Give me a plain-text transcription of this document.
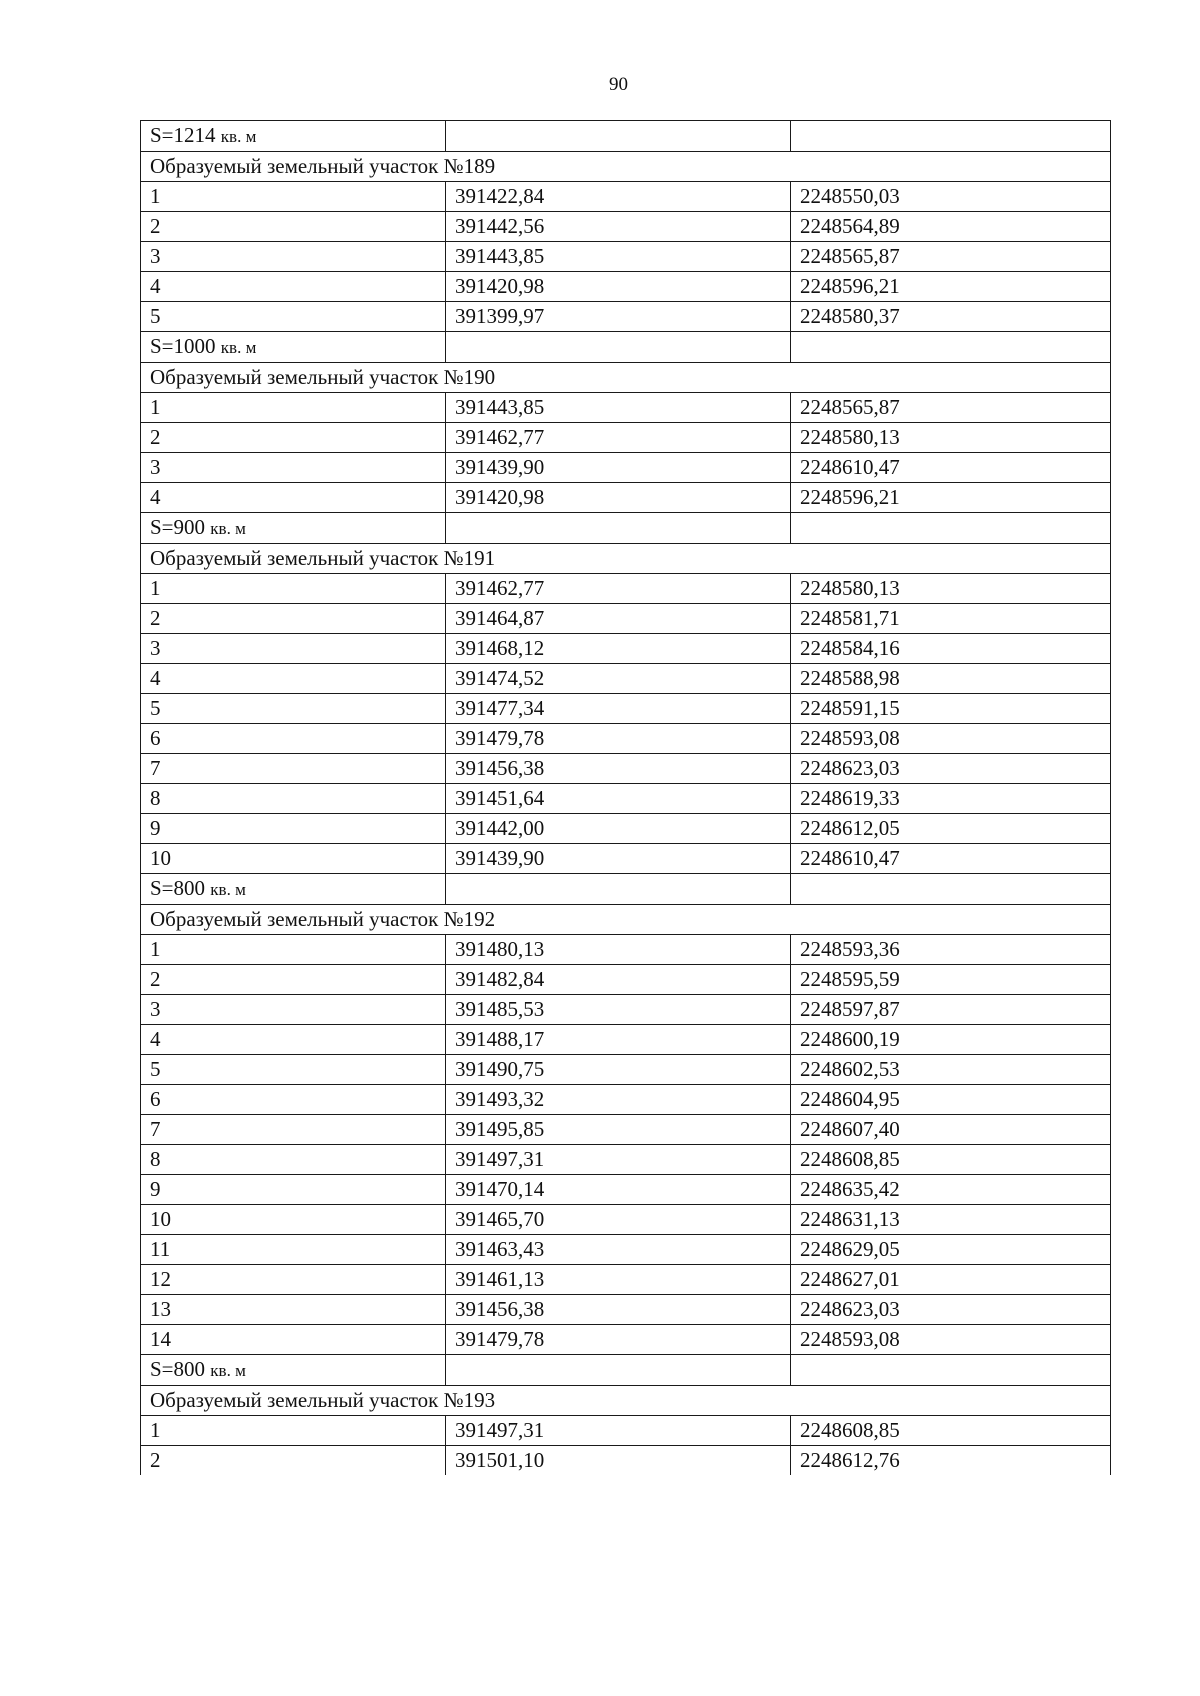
90
S=1214 кв. м		
Образуемый земельный участок №189		
1	391422,84	2248550,03
2	391442,56	2248564,89
3	391443,85	2248565,87
4	391420,98	2248596,21
5	391399,97	2248580,37
S=1000 кв. м		
Образуемый земельный участок №190		
1	391443,85	2248565,87
2	391462,77	2248580,13
3	391439,90	2248610,47
4	391420,98	2248596,21
S=900 кв. м		
Образуемый земельный участок №191		
1	391462,77	2248580,13
2	391464,87	2248581,71
3	391468,12	2248584,16
4	391474,52	2248588,98
5	391477,34	2248591,15
6	391479,78	2248593,08
7	391456,38	2248623,03
8	391451,64	2248619,33
9	391442,00	2248612,05
10	391439,90	2248610,47
S=800 кв. м		
Образуемый земельный участок №192		
1	391480,13	2248593,36
2	391482,84	2248595,59
3	391485,53	2248597,87
4	391488,17	2248600,19
5	391490,75	2248602,53
6	391493,32	2248604,95
7	391495,85	2248607,40
8	391497,31	2248608,85
9	391470,14	2248635,42
10	391465,70	2248631,13
11	391463,43	2248629,05
12	391461,13	2248627,01
13	391456,38	2248623,03
14	391479,78	2248593,08
S=800 кв. м		
Образуемый земельный участок №193		
1	391497,31	2248608,85
2	391501,10	2248612,76
